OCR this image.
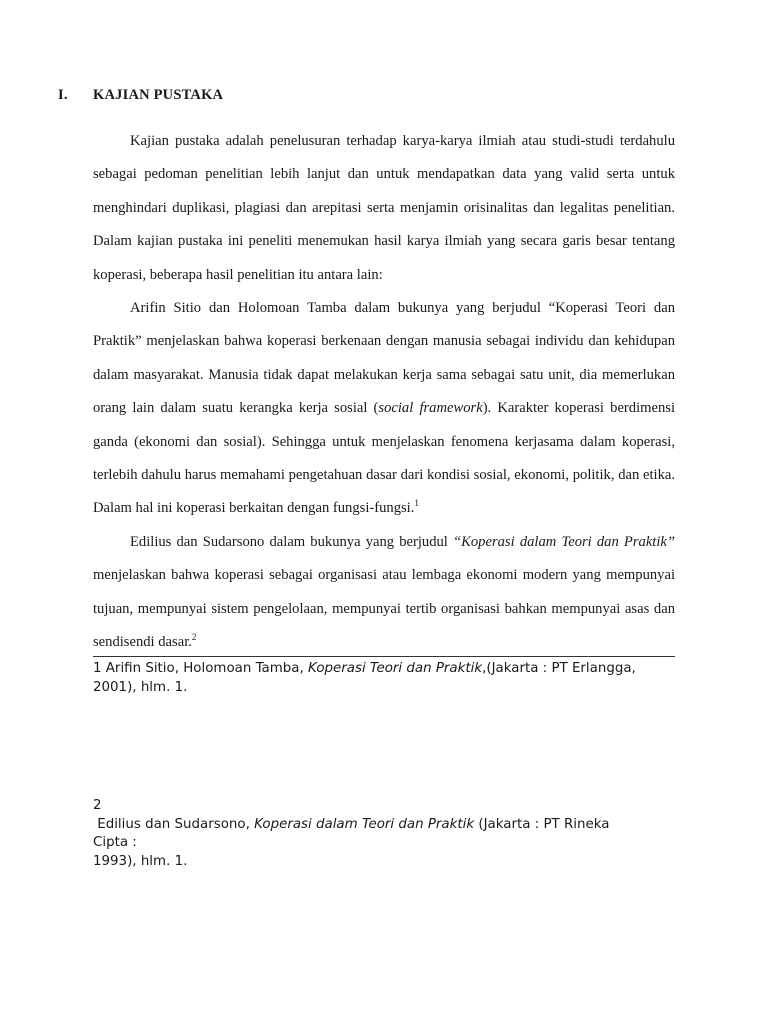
I. KAJIAN PUSTAKA

Kajian pustaka adalah penelusuran terhadap karya-karya ilmiah atau studi-studi terdahulu sebagai pedoman penelitian lebih lanjut dan untuk mendapatkan data yang valid serta untuk menghindari duplikasi, plagiasi dan arepitasi serta menjamin orisinalitas dan legalitas penelitian. Dalam kajian pustaka ini peneliti menemukan hasil karya ilmiah yang secara garis besar tentang koperasi, beberapa hasil penelitian itu antara lain:

Arifin Sitio dan Holomoan Tamba dalam bukunya yang berjudul “Koperasi Teori dan Praktik” menjelaskan bahwa koperasi berkenaan dengan manusia sebagai individu dan kehidupan dalam masyarakat. Manusia tidak dapat melakukan kerja sama sebagai satu unit, dia memerlukan orang lain dalam suatu kerangka kerja sosial (social framework). Karakter koperasi berdimensi ganda (ekonomi dan sosial). Sehingga untuk menjelaskan fenomena kerjasama dalam koperasi, terlebih dahulu harus memahami pengetahuan dasar dari kondisi sosial, ekonomi, politik, dan etika. Dalam hal ini koperasi berkaitan dengan fungsi-fungsi.$^1$

Edilius dan Sudarsono dalam bukunya yang berjudul “Koperasi dalam Teori dan Praktik” menjelaskan bahwa koperasi sebagai organisasi atau lembaga ekonomi modern yang mempunyai tujuan, mempunyai sistem pengelolaan, mempunyai tertib organisasi bahkan mempunyai asas dan sendisendi dasar.$^2$

1 Arifin Sitio, Holomoan Tamba, Koperasi Teori dan Praktik,(Jakarta : PT Erlangga,
2001), hlm. 1.
2
Edilius dan Sudarsono, Koperasi dalam Teori dan Praktik (Jakarta : PT Rineka
Cipta :
1993), hlm. 1.
